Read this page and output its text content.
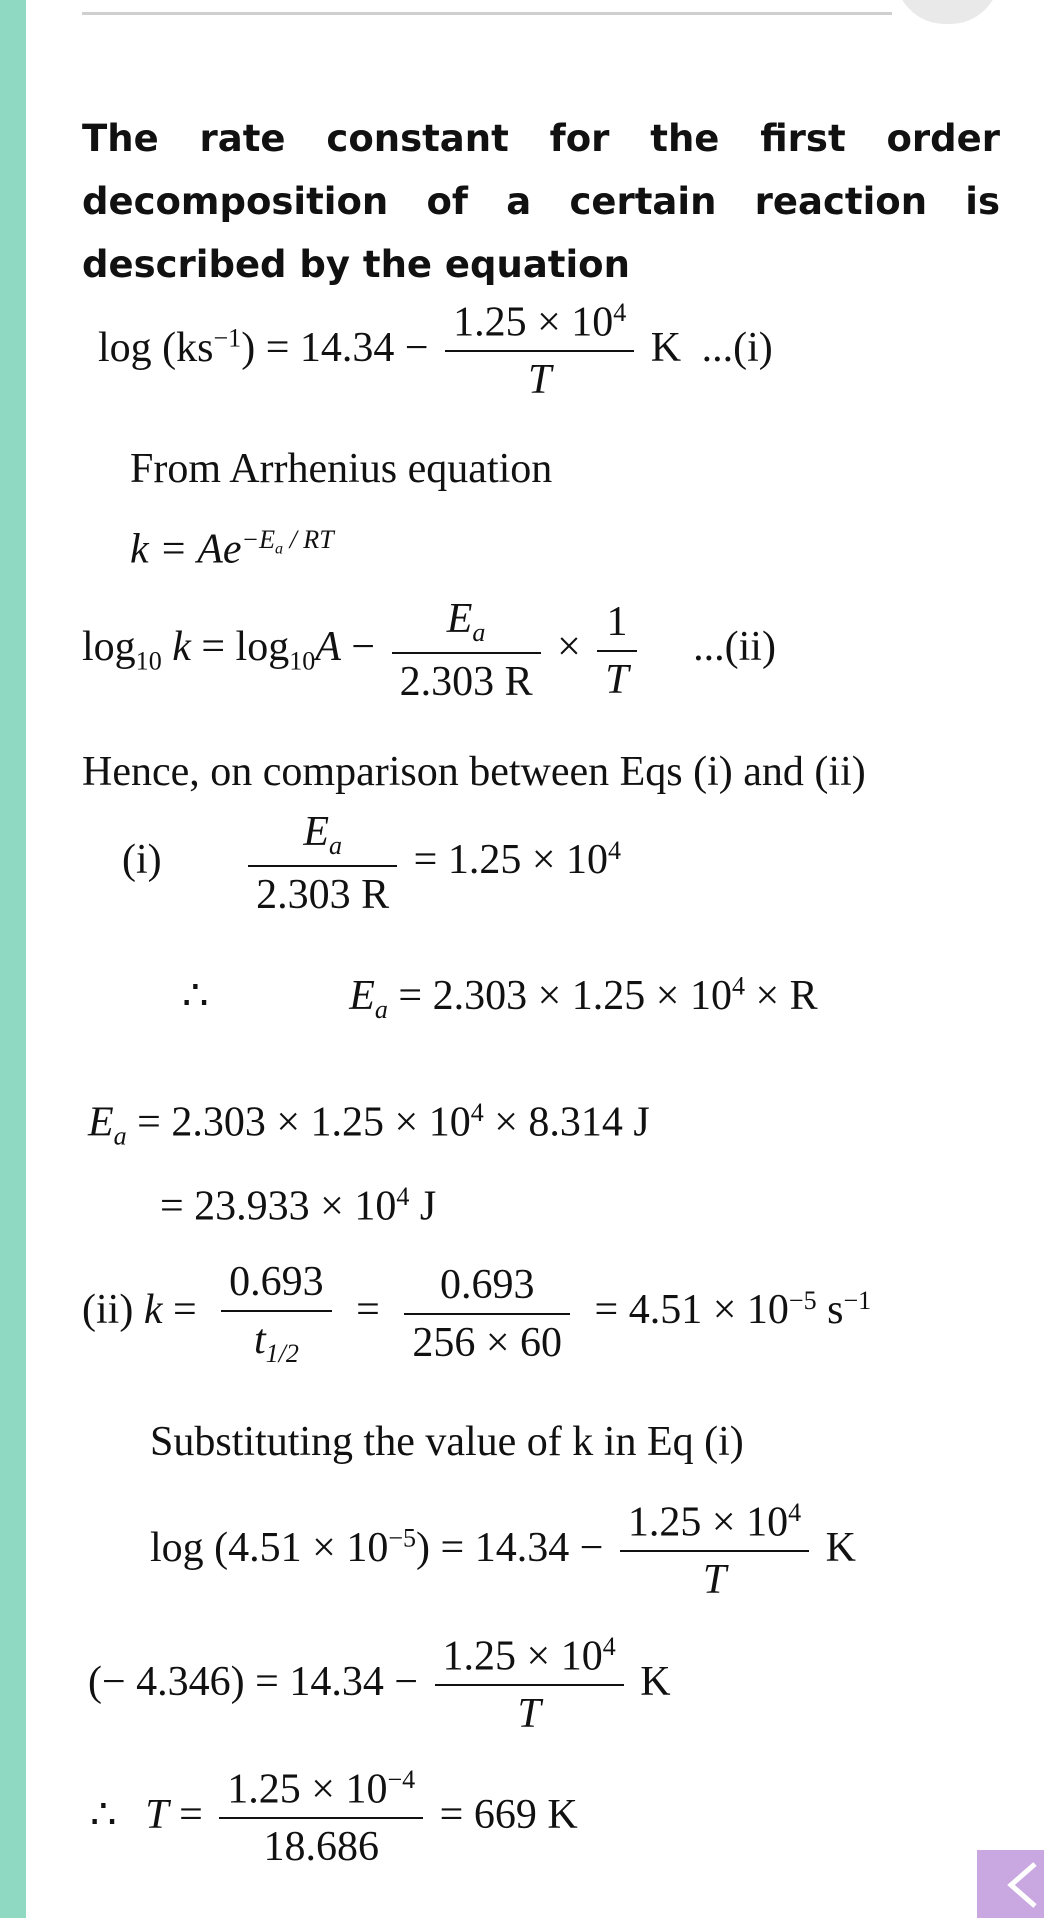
The rate constant for the first order decomposition of a certain reaction is described by the equation

$\log (ks^{-1}) = 14.34 - \frac{1.25 \times 10^4}{T}$ K ...(i)
From Arrhenius equation
$k = Ae^{-E_a / RT}$
$\log_{10} k = \log_{10}A - \frac{E_a}{2.303 R} \times \frac{1}{T} ...(ii)$
Hence, on comparison between Eqs (i) and (ii)
$(i) \frac{E_a}{2.303 R} = 1.25 \times 10^4$
∴	$E_a = 2.303 \times 1.25 \times 10^4 \times R$
$E_a = 2.303 \times 1.25 \times 10^4 \times 8.314$ J
= $23.933 \times 10^4$ J
(ii) $k = \frac{0.693}{t_{1/2}} = \frac{0.693}{256 \times 60} = 4.51 \times 10^{-5}$ $s^{-1}$
Substituting the value of k in Eq (i)
$\log (4.51 \times 10^{-5}) = 14.34 - \frac{1.25 \times 10^4}{T}$ K
(− $4.346) = 14.34 - \frac{1.25 \times 10^4}{T}$ K
∴ $T = \frac{1.25 \times 10^{-4}}{18.686} = 669$ K
